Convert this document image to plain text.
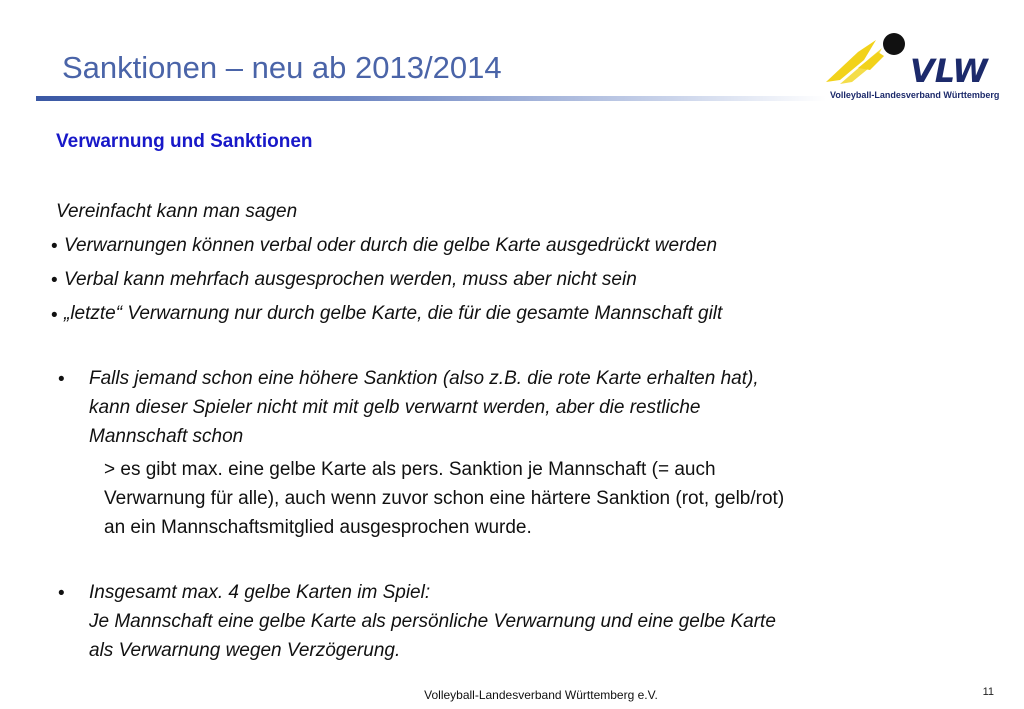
Sanktionen – neu ab 2013/2014	VLW
Volleyball-Landesverband Württemberg
Verwarnung und Sanktionen
Vereinfacht kann man sagen
• Verwarnungen können verbal oder durch die gelbe Karte ausgedrückt werden
• Verbal kann mehrfach ausgesprochen werden, muss aber nicht sein
• „letzte“ Verwarnung nur durch gelbe Karte, die für die gesamte Mannschaft gilt
• Falls jemand schon eine höhere Sanktion (also z.B. die rote Karte erhalten hat),
kann dieser Spieler nicht mit mit gelb verwarnt werden, aber die restliche
Mannschaft schon
> es gibt max. eine gelbe Karte als pers. Sanktion je Mannschaft (= auch
Verwarnung für alle), auch wenn zuvor schon eine härtere Sanktion (rot, gelb/rot)
an ein Mannschaftsmitglied ausgesprochen wurde.
• Insgesamt max. 4 gelbe Karten im Spiel:
Je Mannschaft eine gelbe Karte als persönliche Verwarnung und eine gelbe Karte
als Verwarnung wegen Verzögerung.
Volleyball-Landesverband Württemberg e.V.	11
